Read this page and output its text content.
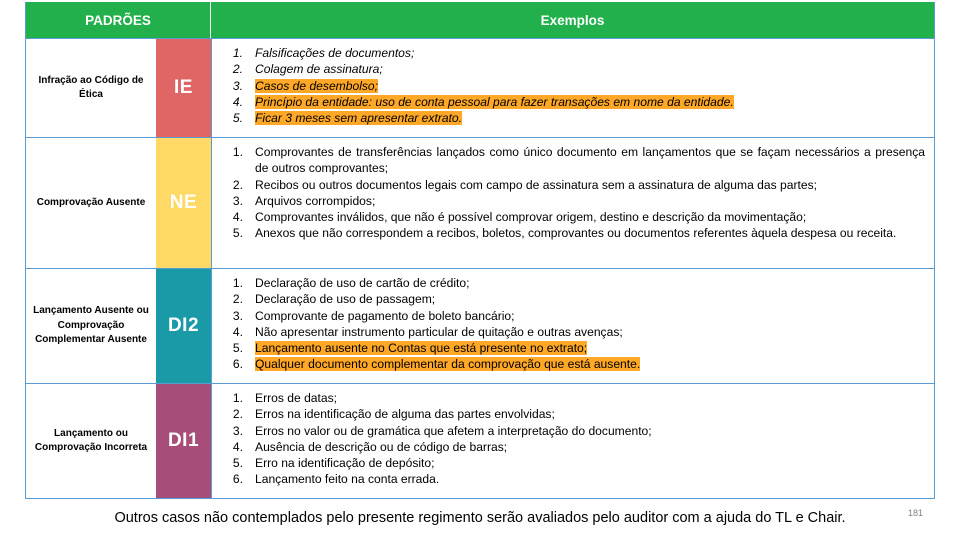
PADRÕES	Exemplos
Infração ao Código de Ética	IE
1. Falsificações de documentos;
2. Colagem de assinatura;
3. Casos de desembolso;
4. Princípio da entidade: uso de conta pessoal para fazer transações em nome da entidade.
5. Ficar 3 meses sem apresentar extrato.
Comprovação Ausente	NE
1. Comprovantes de transferências lançados como único documento em lançamentos que se façam necessários a presença de outros comprovantes;
2. Recibos ou outros documentos legais com campo de assinatura sem a assinatura de alguma das partes;
3. Arquivos corrompidos;
4. Comprovantes inválidos, que não é possível comprovar origem, destino e descrição da movimentação;
5. Anexos que não correspondem a recibos, boletos, comprovantes ou documentos referentes àquela despesa ou receita.
Lançamento Ausente ou Comprovação Complementar Ausente
DI2
1. Declaração de uso de cartão de crédito;
2. Declaração de uso de passagem;
3. Comprovante de pagamento de boleto bancário;
4. Não apresentar instrumento particular de quitação e outras avenças;
5. Lançamento ausente no Contas que está presente no extrato;
6. Qualquer documento complementar da comprovação que está ausente.
Lançamento ou Comprovação Incorreta	DI1
1. Erros de datas;
2. Erros na identificação de alguma das partes envolvidas;
3. Erros no valor ou de gramática que afetem a interpretação do documento;
4. Ausência de descrição ou de código de barras;
5. Erro na identificação de depósito;
6. Lançamento feito na conta errada.
Outros casos não contemplados pelo presente regimento serão avaliados pelo auditor com a ajuda do TL e Chair.	181
